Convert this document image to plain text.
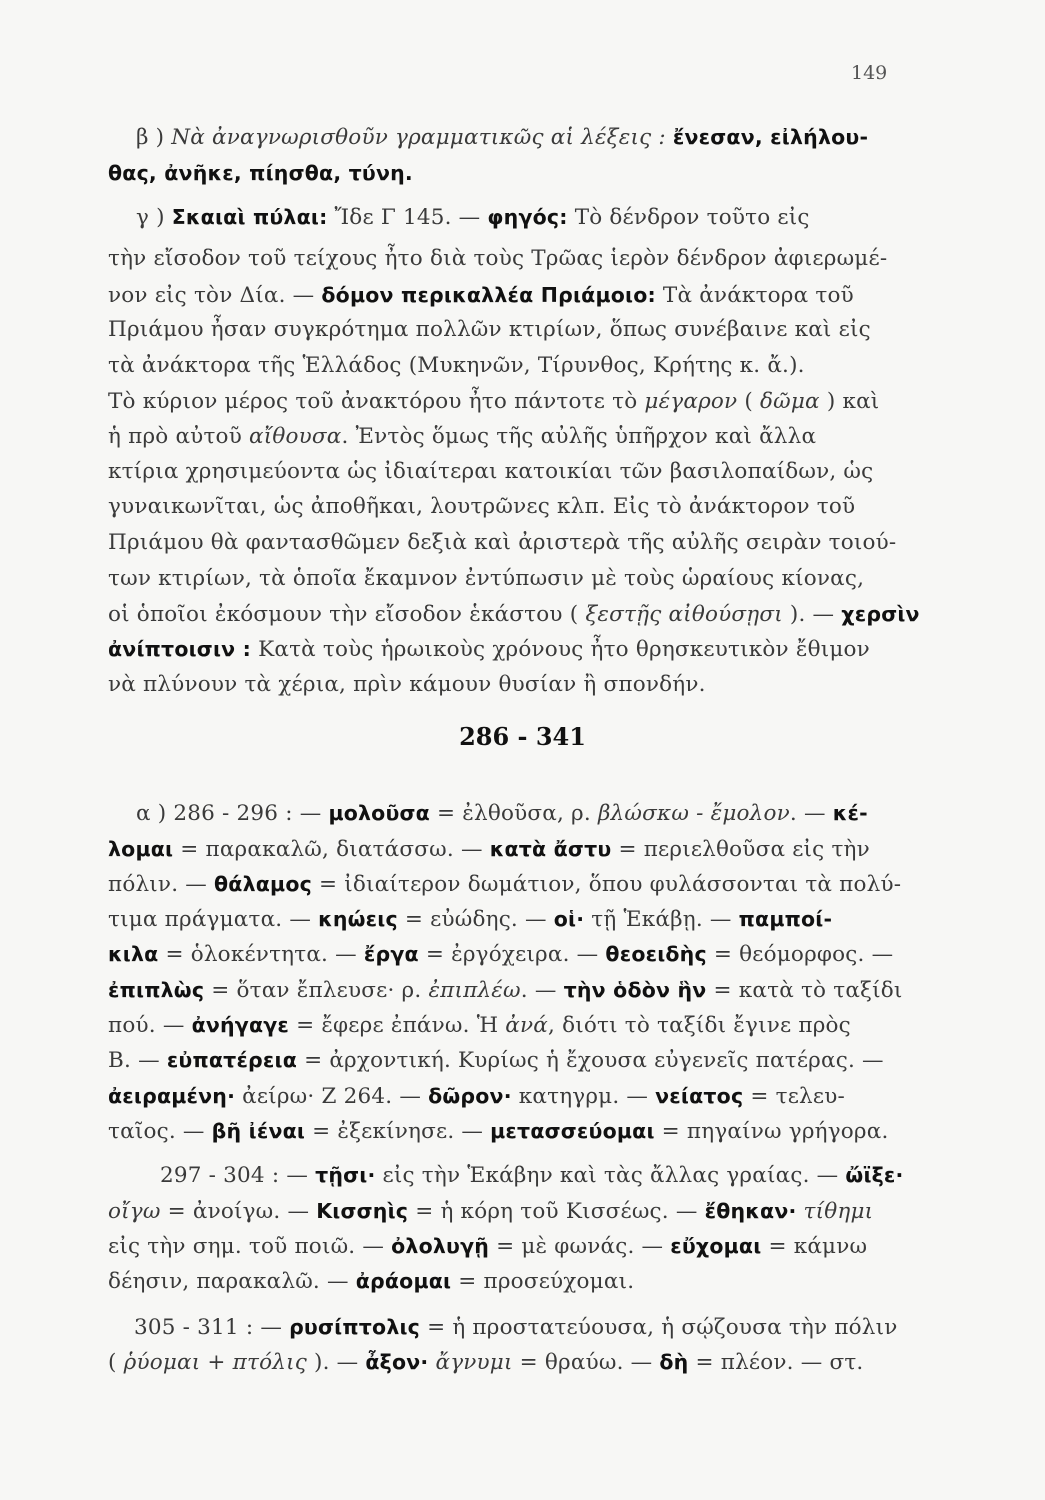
149
β ) Νὰ ἀναγνωρισθοῦν γραμματικῶς αἱ λέξεις : ἔνεσαν, εἰλήλου-
θας, ἀνῆκε, πίησθα, τύνη.
γ ) Σκαιαὶ πύλαι: Ἴδε Γ 145. — φηγός: Τὸ δένδρον τοῦτο εἰς
τὴν εἴσοδον τοῦ τείχους ἦτο διὰ τοὺς Τρῶας ἱερὸν δένδρον ἀφιερωμέ-
νον εἰς τὸν Δία. — δόμον περικαλλέα Πριάμοιο: Τὰ ἀνάκτορα τοῦ
Πριάμου ἦσαν συγκρότημα πολλῶν κτιρίων, ὅπως συνέβαινε καὶ εἰς
τὰ ἀνάκτορα τῆς Ἑλλάδος (Μυκηνῶν, Τίρυνθος, Κρήτης κ. ἄ.).
Τὸ κύριον μέρος τοῦ ἀνακτόρου ἦτο πάντοτε τὸ μέγαρον ( δῶμα ) καὶ
ἡ πρὸ αὐτοῦ αἴθουσα. Ἐντὸς ὅμως τῆς αὐλῆς ὑπῆρχον καὶ ἄλλα
κτίρια χρησιμεύοντα ὡς ἰδιαίτεραι κατοικίαι τῶν βασιλοπαίδων, ὡς
γυναικωνῖται, ὡς ἀποθῆκαι, λουτρῶνες κλπ. Εἰς τὸ ἀνάκτορον τοῦ
Πριάμου θὰ φαντασθῶμεν δεξιὰ καὶ ἀριστερὰ τῆς αὐλῆς σειρὰν τοιού-
των κτιρίων, τὰ ὁποῖα ἔκαμνον ἐντύπωσιν μὲ τοὺς ὡραίους κίονας,
οἱ ὁποῖοι ἐκόσμουν τὴν εἴσοδον ἑκάστου ( ξεστῇς αἰθούσῃσι ). — χερσὶν
ἀνίπτοισιν : Κατὰ τοὺς ἡρωικοὺς χρόνους ἦτο θρησκευτικὸν ἔθιμον
νὰ πλύνουν τὰ χέρια, πρὶν κάμουν θυσίαν ἢ σπονδήν.
286 - 341
α ) 286 - 296 : — μολοῦσα = ἐλθοῦσα, ρ. βλώσκω - ἔμολον. — κέ-
λομαι = παρακαλῶ, διατάσσω. — κατὰ ἄστυ = περιελθοῦσα εἰς τὴν
πόλιν. — θάλαμος = ἰδιαίτερον δωμάτιον, ὅπου φυλάσσονται τὰ πολύ-
τιμα πράγματα. — κηώεις = εὐώδης. — οἱ· τῇ Ἑκάβῃ. — παμποί-
κιλα = ὁλοκέντητα. — ἔργα = ἐργόχειρα. — θεοειδὴς = θεόμορφος. —
ἐπιπλὼς = ὅταν ἔπλευσε· ρ. ἐπιπλέω. — τὴν ὁδὸν ἣν = κατὰ τὸ ταξίδι
πού. — ἀνήγαγε = ἔφερε ἐπάνω. Ἡ ἀνά, διότι τὸ ταξίδι ἔγινε πρὸς
Β. — εὐπατέρεια = ἀρχοντική. Κυρίως ἡ ἔχουσα εὐγενεῖς πατέρας. —
ἀειραμένη· ἀείρω· Ζ 264. — δῶρον· κατηγρμ. — νείατος = τελευ-
ταῖος. — βῆ ἰέναι = ἐξεκίνησε. — μετασσεύομαι = πηγαίνω γρήγορα.
297 - 304 : — τῇσι· εἰς τὴν Ἑκάβην καὶ τὰς ἄλλας γραίας. — ὤϊξε·
οἴγω = ἀνοίγω. — Κισσηὶς = ἡ κόρη τοῦ Κισσέως. — ἔθηκαν· τίθημι
εἰς τὴν σημ. τοῦ ποιῶ. — ὀλολυγῇ = μὲ φωνάς. — εὔχομαι = κάμνω
δέησιν, παρακαλῶ. — ἀράομαι = προσεύχομαι.
305 - 311 : — ρυσίπτολις = ἡ προστατεύουσα, ἡ σῴζουσα τὴν πόλιν
( ῥύομαι + πτόλις ). — ἆξον· ἄγνυμι = θραύω. — δὴ = πλέον. — στ.
